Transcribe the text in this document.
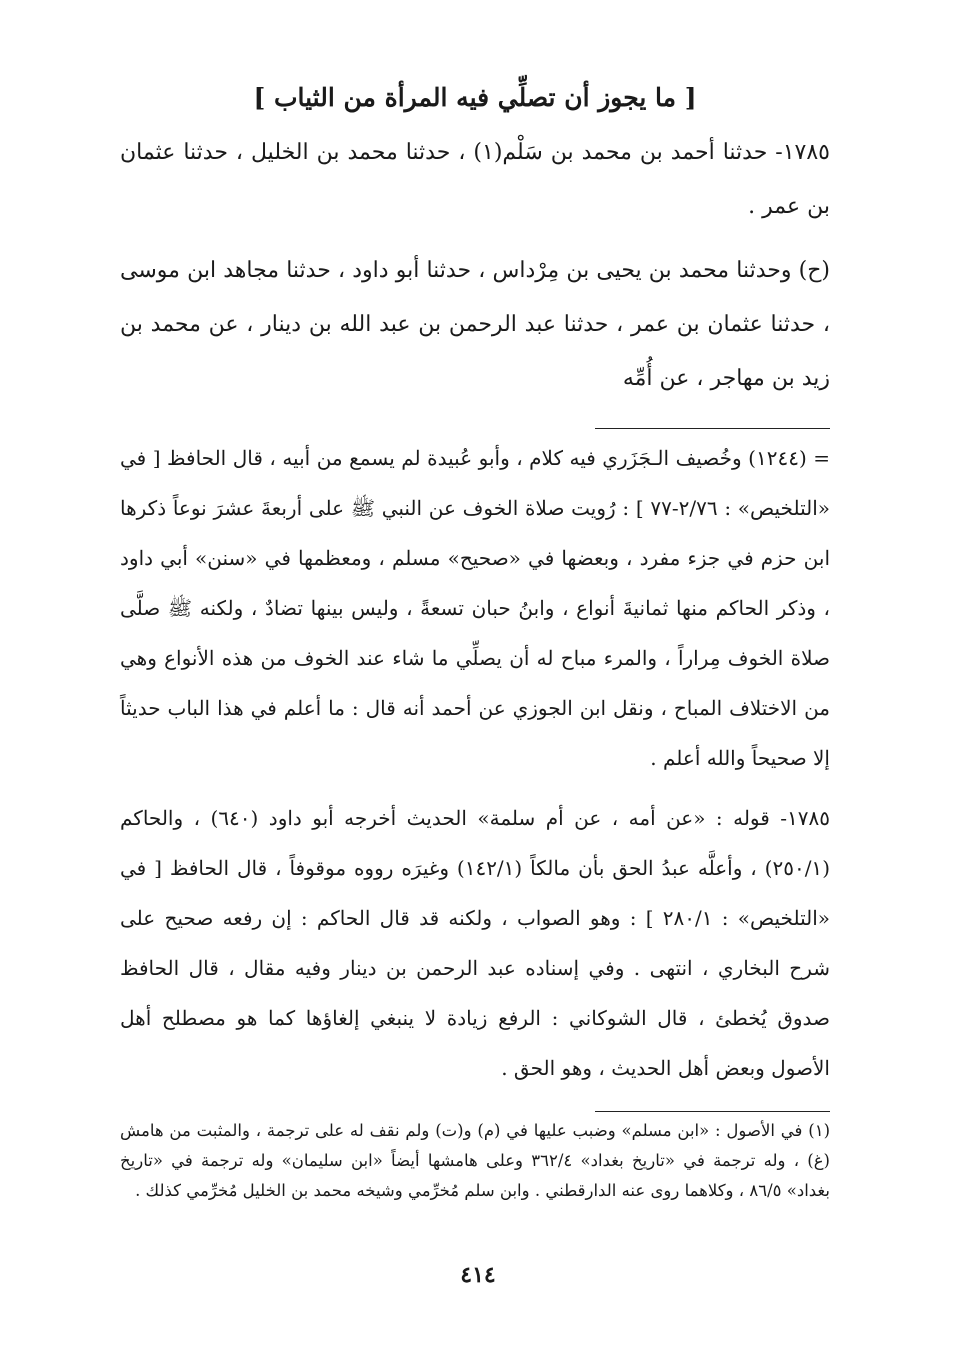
[ ما يجوز أن تصلِّي فيه المرأة من الثياب ]

١٧٨٥- حدثنا أحمد بن محمد بن سَلْم(١) ، حدثنا محمد بن الخليل ، حدثنا عثمان بن عمر .

(ح) وحدثنا محمد بن يحيى بن مِرْداس ، حدثنا أبو داود ، حدثنا مجاهد ابن موسى ، حدثنا عثمان بن عمر ، حدثنا عبد الرحمن بن عبد الله بن دينار ، عن محمد بن زيد بن مهاجر ، عن أُمِّه

= (١٢٤٤) وخُصيف الـجَزَري فيه كلام ، وأبو عُبيدة لم يسمع من أبيه ، قال الحافظ [ في «التلخيص» : ٢/٧٦-٧٧ ] : رُويت صلاة الخوف عن النبي ﷺ على أربعةَ عشرَ نوعاً ذكرها ابن حزم في جزء مفرد ، وبعضها في «صحيح» مسلم ، ومعظمها في «سنن» أبي داود ، وذكر الحاكم منها ثمانيةَ أنواع ، وابنُ حبان تسعةً ، وليس بينها تضادٌ ، ولكنه ﷺ صلَّى صلاة الخوف مِراراً ، والمرء مباح له أن يصلِّي ما شاء عند الخوف من هذه الأنواع وهي من الاختلاف المباح ، ونقل ابن الجوزي عن أحمد أنه قال : ما أعلم في هذا الباب حديثاً إلا صحيحاً والله أعلم .

١٧٨٥- قوله : «عن أمه ، عن أم سلمة» الحديث أخرجه أبو داود (٦٤٠) ، والحاكم (٢٥٠/١) ، وأعلَّه عبدُ الحق بأن مالكاً (١٤٢/١) وغيرَه رووه موقوفاً ، قال الحافظ [ في «التلخيص» : ٢٨٠/١ ] : وهو الصواب ، ولكنه قد قال الحاكم : إن رفعه صحيح على شرح البخاري ، انتهى . وفي إسناده عبد الرحمن بن دينار وفيه مقال ، قال الحافظ صدوق يُخطئ ، قال الشوكاني : الرفع زيادة لا ينبغي إلغاؤها كما هو مصطلح أهل الأصول وبعض أهل الحديث ، وهو الحق .

(١) في الأصول : «ابن مسلم» وضبب عليها في (م) و(ت) ولم نقف له على ترجمة ، والمثبت من هامش (غ) ، وله ترجمة في «تاريخ بغداد» ٣٦٢/٤ وعلى هامشها أيضاً «ابن سليمان» وله ترجمة في «تاريخ بغداد» ٨٦/٥ ، وكلاهما روى عنه الدارقطني . وابن سلم مُخرِّمي وشيخه محمد بن الخليل مُخرِّمي كذلك .

٤١٤
